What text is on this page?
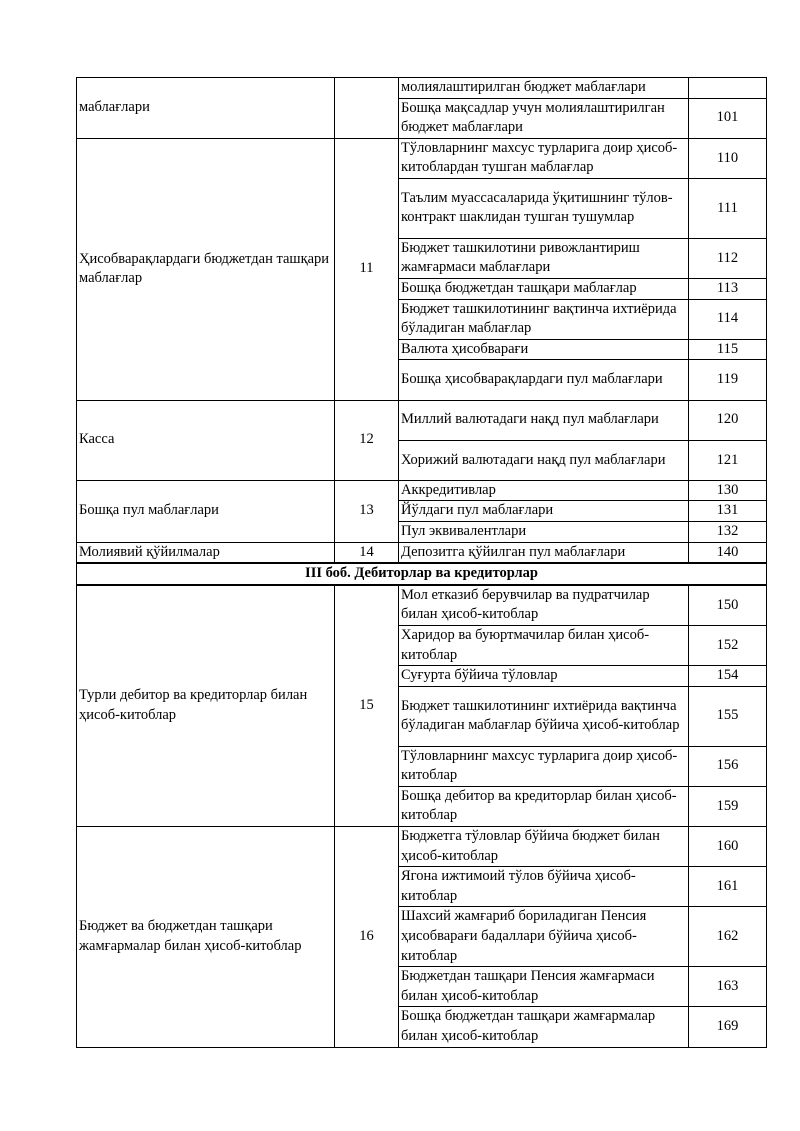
маблағлари		молиялаштирилган бюджет маблағлари	
		Бошқа мақсадлар учун молиялаштирилган бюджет маблағлари	101
Ҳисобварақлардаги бюджетдан ташқари маблағлар	11	Тўловларнинг махсус турларига доир ҳисоб-китоблардан тушган маблағлар	110
		Таълим муассасаларида ўқитишнинг тўлов-контракт шаклидан тушган тушумлар	111
		Бюджет ташкилотини ривожлантириш жамғармаси маблағлари	112
		Бошқа бюджетдан ташқари маблағлар	113
		Бюджет ташкилотининг вақтинча ихтиёрида бўладиган маблағлар	114
		Валюта ҳисобварағи	115
		Бошқа ҳисобварақлардаги пул маблағлари	119
Касса	12	Миллий валютадаги нақд пул маблағлари	120
		Хорижий валютадаги нақд пул маблағлари	121
Бошқа пул маблағлари	13	Аккредитивлар	130
		Йўлдаги пул маблағлари	131
		Пул эквивалентлари	132
Молиявий қўйилмалар	14	Депозитга қўйилган пул маблағлари	140
III боб. Дебиторлар ва кредиторлар			
Турли дебитор ва кредиторлар билан ҳисоб-китоблар	15	Мол етказиб берувчилар ва пудратчилар билан ҳисоб-китоблар	150
		Харидор ва буюртмачилар билан ҳисоб-китоблар	152
		Суғурта бўйича тўловлар	154
		Бюджет ташкилотининг ихтиёрида вақтинча бўладиган маблағлар бўйича ҳисоб-китоблар	155
		Тўловларнинг махсус турларига доир ҳисоб-китоблар	156
		Бошқа дебитор ва кредиторлар билан ҳисоб-китоблар	159
Бюджет ва бюджетдан ташқари жамғармалар билан ҳисоб-китоблар	16	Бюджетга тўловлар бўйича бюджет билан ҳисоб-китоблар	160
		Ягона ижтимоий тўлов бўйича ҳисоб-китоблар	161
		Шахсий жамғариб бориладиган Пенсия ҳисобварағи бадаллари бўйича ҳисоб-китоблар	162
		Бюджетдан ташқари Пенсия жамғармаси билан ҳисоб-китоблар	163
		Бошқа бюджетдан ташқари жамғармалар билан ҳисоб-китоблар	169
